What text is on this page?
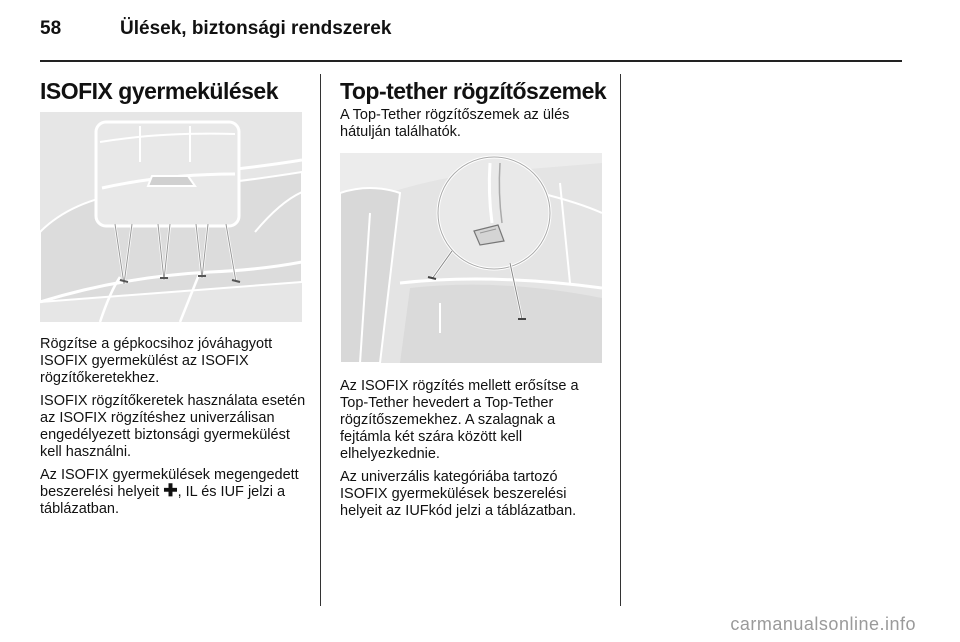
58	Ülések, biztonsági rendszerek
ISOFIX gyermekülések

Rögzítse a gépkocsihoz jóváhagyott ISOFIX gyermekülést az ISOFIX rögzítőkeretekhez.

ISOFIX rögzítőkeretek használata esetén az ISOFIX rögzítéshez univerzálisan engedélyezett biztonsági gyermekülést kell használni.

Az ISOFIX gyermekülések megengedett beszerelési helyeit ✚, IL és IUF jelzi a táblázatban.

Top-tether rögzítőszemek
A Top-Tether rögzítőszemek az ülés hátulján találhatók.

Az ISOFIX rögzítés mellett erősítse a Top-Tether hevedert a Top-Tether rögzítőszemekhez. A szalagnak a fejtámla két szára között kell elhelyezkednie.

Az univerzális kategóriába tartozó ISOFIX gyermekülések beszerelési helyeit az IUFkód jelzi a táblázatban.

carmanualsonline.info
